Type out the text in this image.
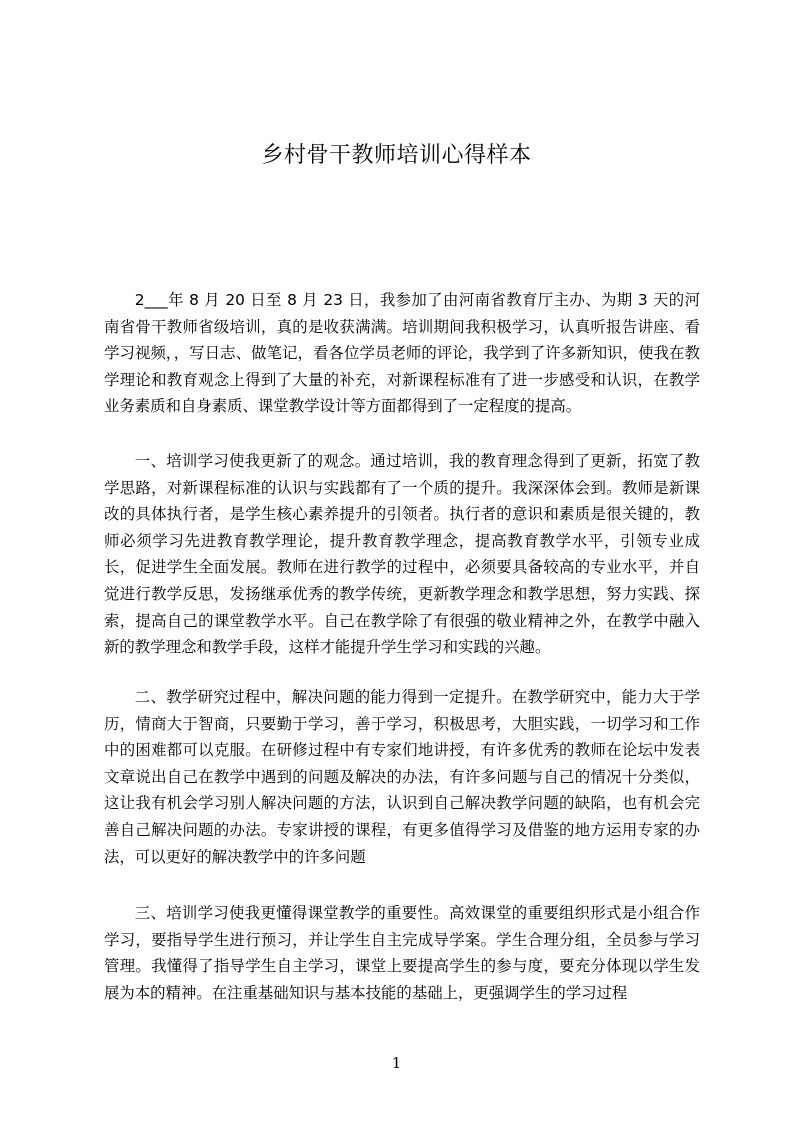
乡村骨干教师培训心得样本

2___年 8 月 20 日至 8 月 23 日，我参加了由河南省教育厅主办、为期 3 天的河南省骨干教师省级培训，真的是收获满满。培训期间我积极学习，认真听报告讲座、看学习视频，，写日志、做笔记，看各位学员老师的评论，我学到了许多新知识，使我在教学理论和教育观念上得到了大量的补充，对新课程标准有了进一步感受和认识，在教学业务素质和自身素质、课堂教学设计等方面都得到了一定程度的提高。

一、培训学习使我更新了的观念。通过培训，我的教育理念得到了更新，拓宽了教学思路，对新课程标准的认识与实践都有了一个质的提升。我深深体会到。教师是新课改的具体执行者，是学生核心素养提升的引领者。执行者的意识和素质是很关键的，教师必须学习先进教育教学理论，提升教育教学理念，提高教育教学水平，引领专业成长，促进学生全面发展。教师在进行教学的过程中，必须要具备较高的专业水平，并自觉进行教学反思，发扬继承优秀的教学传统，更新教学理念和教学思想，努力实践、探索，提高自己的课堂教学水平。自己在教学除了有很强的敬业精神之外，在教学中融入新的教学理念和教学手段，这样才能提升学生学习和实践的兴趣。

二、教学研究过程中，解决问题的能力得到一定提升。在教学研究中，能力大于学历，情商大于智商，只要勤于学习，善于学习，积极思考，大胆实践，一切学习和工作中的困难都可以克服。在研修过程中有专家们地讲授，有许多优秀的教师在论坛中发表文章说出自己在教学中遇到的问题及解决的办法，有许多问题与自己的情况十分类似，这让我有机会学习别人解决问题的方法，认识到自己解决教学问题的缺陷，也有机会完善自己解决问题的办法。专家讲授的课程，有更多值得学习及借鉴的地方运用专家的办法，可以更好的解决教学中的许多问题

三、培训学习使我更懂得课堂教学的重要性。高效课堂的重要组织形式是小组合作学习，要指导学生进行预习，并让学生自主完成导学案。学生合理分组，全员参与学习管理。我懂得了指导学生自主学习，课堂上要提高学生的参与度，要充分体现以学生发展为本的精神。在注重基础知识与基本技能的基础上，更强调学生的学习过程

1
